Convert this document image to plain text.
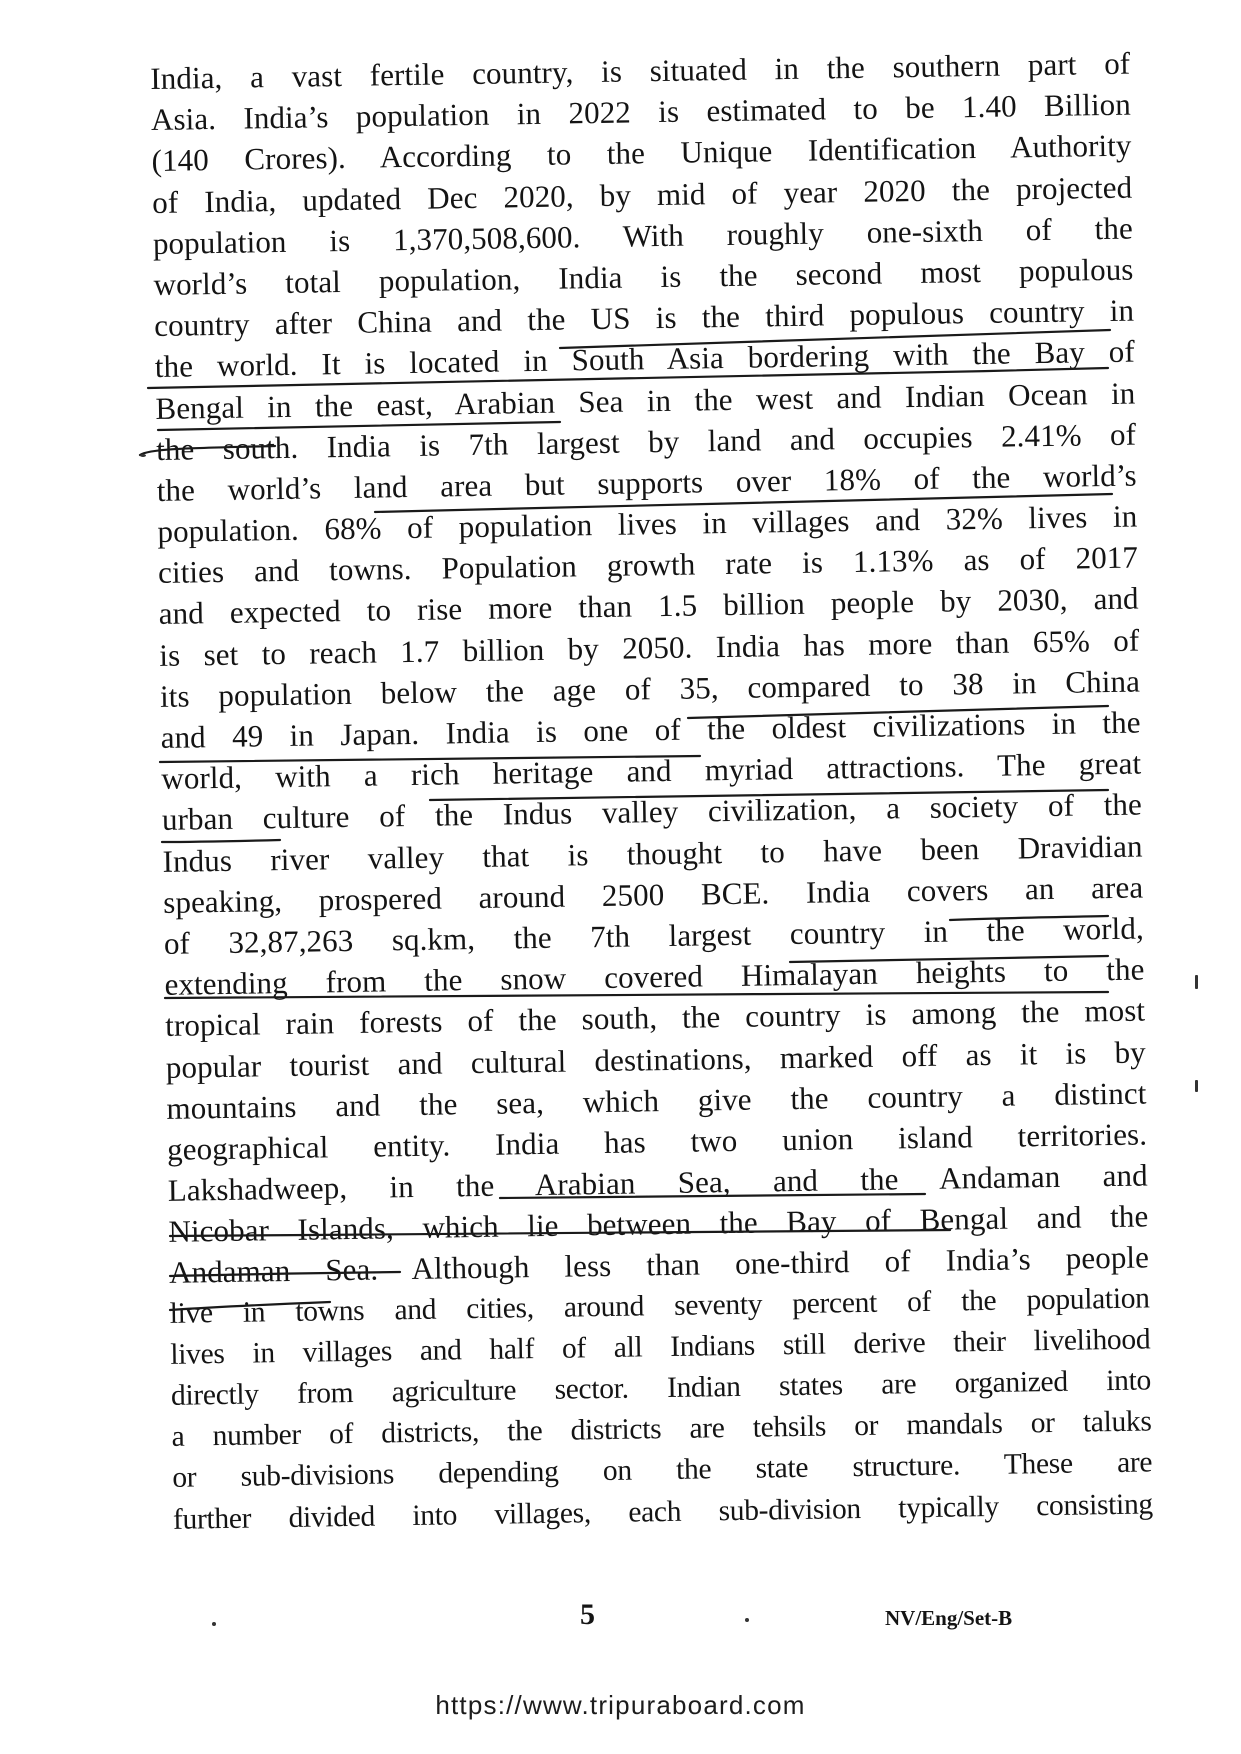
India, a vast fertile country, is situated in the southern part of
Asia. India’s population in 2022 is estimated to be 1.40 Billion
(140 Crores). According to the Unique Identification Authority
of India, updated Dec 2020, by mid of year 2020 the projected
population is 1,370,508,600. With roughly one-sixth of the
world’s total population, India is the second most populous
country after China and the US is the third populous country in
the world. It is located in South Asia bordering with the Bay of
Bengal in the east, Arabian Sea in the west and Indian Ocean in
the south. India is 7th largest by land and occupies 2.41% of
the world’s land area but supports over 18% of the world’s
population. 68% of population lives in villages and 32% lives in
cities and towns. Population growth rate is 1.13% as of 2017
and expected to rise more than 1.5 billion people by 2030, and
is set to reach 1.7 billion by 2050. India has more than 65% of
its population below the age of 35, compared to 38 in China
and 49 in Japan. India is one of the oldest civilizations in the
world, with a rich heritage and myriad attractions. The great
urban culture of the Indus valley civilization, a society of the
Indus river valley that is thought to have been Dravidian
speaking, prospered around 2500 BCE. India covers an area
of 32,87,263 sq.km, the 7th largest country in the world,
extending from the snow covered Himalayan heights to the
tropical rain forests of the south, the country is among the most
popular tourist and cultural destinations, marked off as it is by
mountains and the sea, which give the country a distinct
geographical entity. India has two union island territories.
Lakshadweep, in the Arabian Sea, and the Andaman and
Nicobar Islands, which lie between the Bay of Bengal and the
Andaman Sea. Although less than one-third of India’s people
live in towns and cities, around seventy percent of the population
lives in villages and half of all Indians still derive their livelihood
directly from agriculture sector. Indian states are organized into
a number of districts, the districts are tehsils or mandals or taluks
or sub-divisions depending on the state structure. These are
further divided into villages, each sub-division typically consisting
5	NV/Eng/Set-B
https://www.tripuraboard.com
